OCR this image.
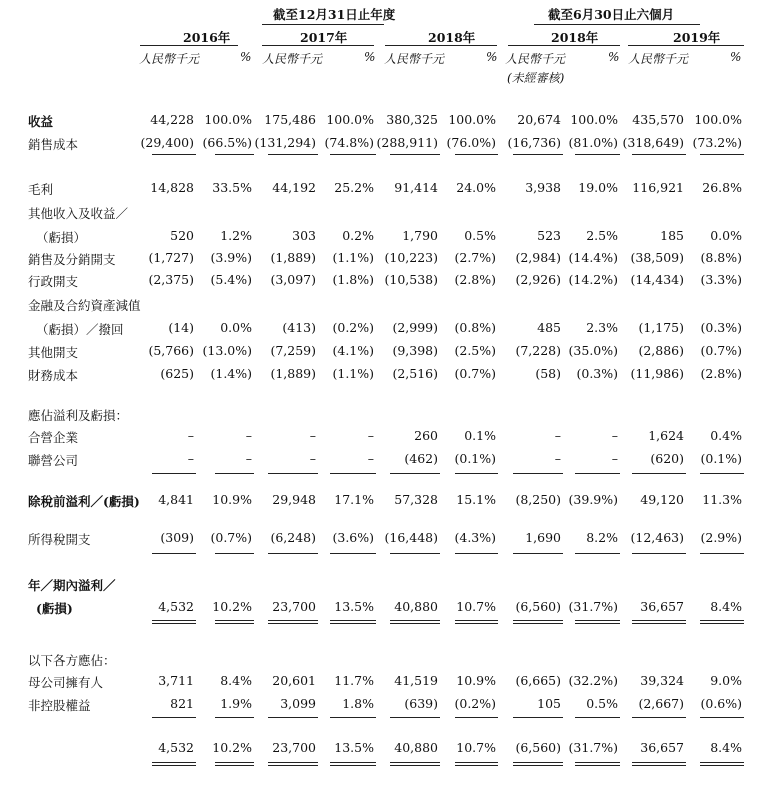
截至12月31日止年度	截至6月30日止六個月
2016年	2017年	2018年	2018年	2019年
人民幣千元	% 人民幣千元	% 人民幣千元	% 人民幣千元	% 人民幣千元	%
(未經審核)
收益	44,228 100.0% 175,486 100.0% 380,325 100.0% 20,674 100.0% 435,570 100.0%
銷售成本	(29,400) (66.5%) (131,294) (74.8%) (288,911) (76.0%) (16,736) (81.0%) (318,649) (73.2%)
毛利	14,828 33.5% 44,192 25.2% 91,414 24.0% 3,938 19.0% 116,921 26.8%
其他收入及收益／
（虧損）	520 1.2%	303 0.2% 1,790 0.5%	523 2.5%	185 0.0%
銷售及分銷開支	(1,727) (3.9%) (1,889) (1.1%) (10,223) (2.7%) (2,984) (14.4%) (38,509) (8.8%)
行政開支	(2,375) (5.4%) (3,097) (1.8%) (10,538) (2.8%) (2,926) (14.2%) (14,434) (3.3%)
金融及合約資產減值
（虧損）／撥回	(14) 0.0% (413) (0.2%) (2,999) (0.8%)	485 2.3% (1,175) (0.3%)
其他開支	(5,766) (13.0%) (7,259) (4.1%) (9,398) (2.5%) (7,228) (35.0%) (2,886) (0.7%)
財務成本	(625) (1.4%) (1,889) (1.1%) (2,516) (0.7%)	(58) (0.3%) (11,986) (2.8%)
應佔溢利及虧損：
合營企業	–	–	–	–	260 0.1%	–	– 1,624 0.4%
聯營公司	–	–	–	– (462) (0.1%)	–	–	(620) (0.1%)
除稅前溢利／(虧損) 4,841 10.9% 29,948 17.1% 57,328 15.1% (8,250) (39.9%) 49,120 11.3%
所得稅開支	(309) (0.7%) (6,248) (3.6%) (16,448) (4.3%) 1,690 8.2% (12,463) (2.9%)
年／期內溢利／
(虧損)	4,532 10.2% 23,700 13.5% 40,880 10.7% (6,560) (31.7%) 36,657 8.4%
以下各方應佔：
母公司擁有人	3,711 8.4% 20,601 11.7% 41,519 10.9% (6,665) (32.2%) 39,324 9.0%
非控股權益	821 1.9% 3,099 1.8% (639) (0.2%)	105 0.5% (2,667) (0.6%)
4,532 10.2% 23,700 13.5% 40,880 10.7% (6,560) (31.7%) 36,657 8.4%
